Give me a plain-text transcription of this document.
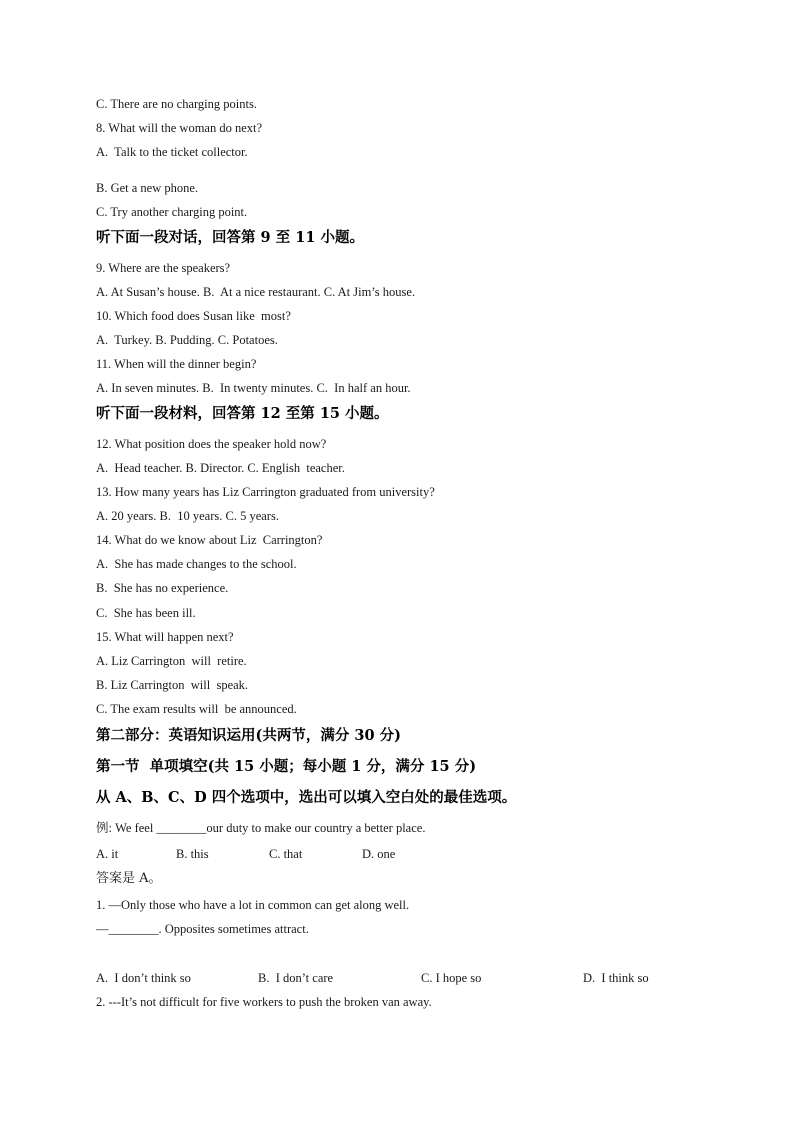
C. There are no charging points.
8. What will the woman do next?
A.  Talk to the ticket collector.
B. Get a new phone.
C. Try another charging point.
听下面一段对话，回答第 9 至 11 小题。
9. Where are the speakers?
A. At Susan’s house. B.  At a nice restaurant. C. At Jim’s house.
10. Which food does Susan like  most?
A.  Turkey. B. Pudding. C. Potatoes.
11. When will the dinner begin?
A. In seven minutes. B.  In twenty minutes. C.  In half an hour.
听下面一段材料，回答第 12 至第 15 小题。
12. What position does the speaker hold now?
A.  Head teacher. B. Director. C. English  teacher.
13. How many years has Liz Carrington graduated from university?
A. 20 years. B.  10 years. C. 5 years.
14. What do we know about Liz  Carrington?
A.  She has made changes to the school.
B.  She has no experience.
C.  She has been ill.
15. What will happen next?
A. Liz Carrington  will  retire.
B. Liz Carrington  will  speak.
C. The exam results will  be announced.
第二部分：英语知识运用(共两节，满分 30 分)
第一节  单项填空(共 15 小题；每小题 1 分，满分 15 分)
从 A、B、C、D 四个选项中，选出可以填入空白处的最佳选项。
例: We feel ________our duty to make our country a better place.
A. it	B. this	C. that	D. one
答案是 A。
1. —Only those who have a lot in common can get along well.
—________. Opposites sometimes attract.
A.  I don’t think so	B.  I don’t care	C. I hope so	D.  I think so
2. ---It’s not difficult for five workers to push the broken van away.
